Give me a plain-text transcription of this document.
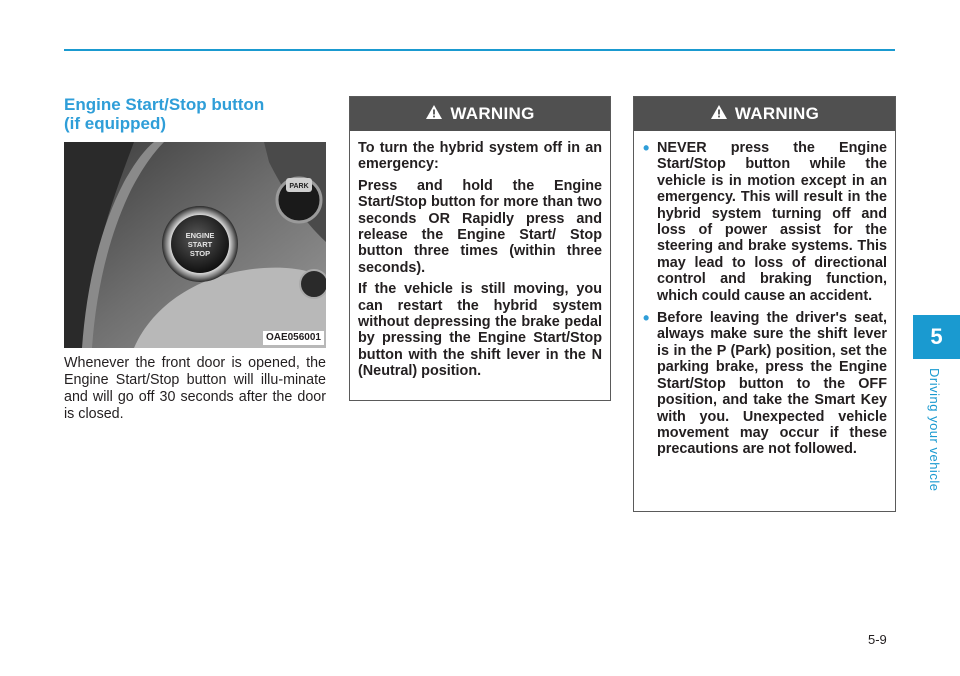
Engine Start/Stop button
(if equipped)
PARK
ENGINE
START
STOP
OAE056001

Whenever the front door is opened, the Engine Start/Stop button will illu-minate and will go off 30 seconds after the door is closed.

WARNING

To turn the hybrid system off in an emergency:

Press and hold the Engine Start/Stop button for more than two seconds OR Rapidly press and release the Engine Start/ Stop button three times (within three seconds).

If the vehicle is still moving, you can restart the hybrid system without depressing the brake pedal by pressing the Engine Start/Stop button with the shift lever in the N (Neutral) position.

WARNING
• NEVER press the Engine Start/Stop button while the vehicle is in motion except in an emergency. This will result in the hybrid system turning off and loss of power assist for the steering and brake systems. This may lead to loss of directional control and braking function, which could cause an accident.
• Before leaving the driver's seat, always make sure the shift lever is in the P (Park) position, set the parking brake, press the Engine Start/Stop button to the OFF position, and take the Smart Key with you. Unexpected vehicle movement may occur if these precautions are not followed.
5
Driving your vehicle
5-9
